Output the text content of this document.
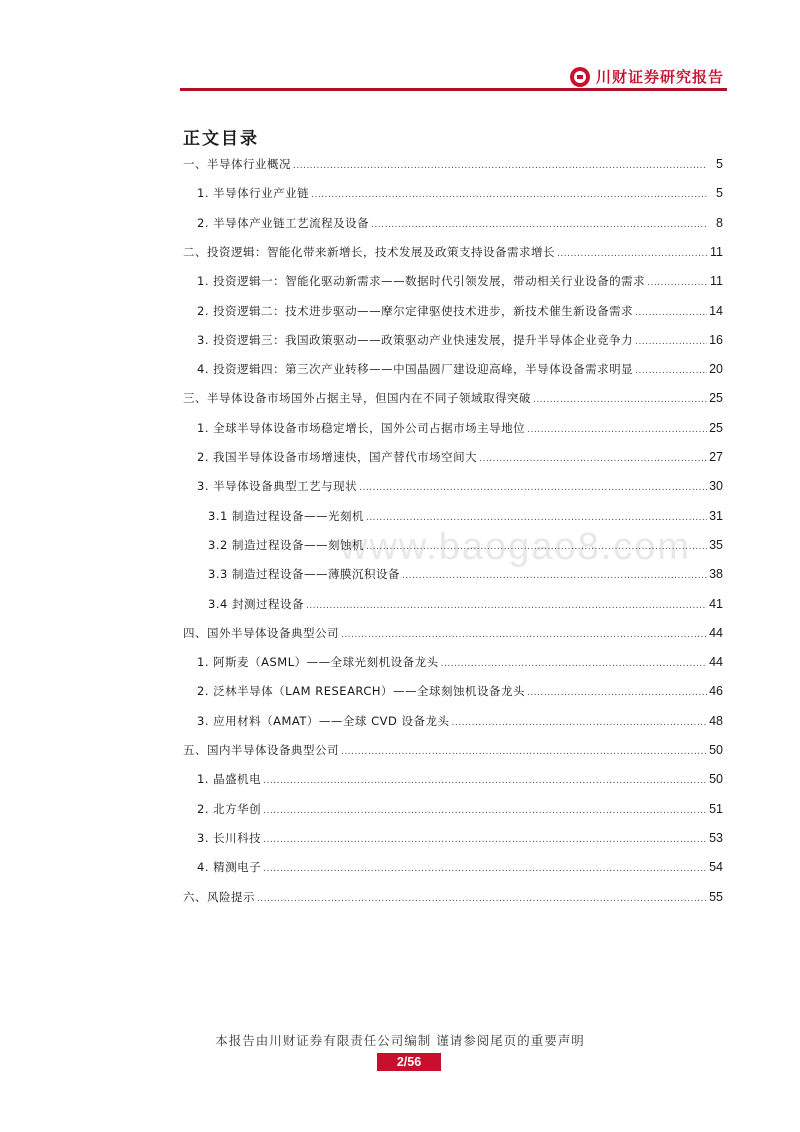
川财证券研究报告
正文目录
www.baogao8.com
一、半导体行业概况 .....	5
1. 半导体行业产业链 .....	5
2. 半导体产业链工艺流程及设备 .....	8
二、投资逻辑：智能化带来新增长，技术发展及政策支持设备需求增长 .....	11
1. 投资逻辑一：智能化驱动新需求——数据时代引领发展，带动相关行业设备的需求 .....	11
2. 投资逻辑二：技术进步驱动——摩尔定律驱使技术进步，新技术催生新设备需求 .....	14
3. 投资逻辑三：我国政策驱动——政策驱动产业快速发展，提升半导体企业竞争力 .....	16
4. 投资逻辑四：第三次产业转移——中国晶圆厂建设迎高峰，半导体设备需求明显 .....	20
三、半导体设备市场国外占据主导，但国内在不同子领域取得突破 .....	25
1. 全球半导体设备市场稳定增长，国外公司占据市场主导地位 .....	25
2. 我国半导体设备市场增速快，国产替代市场空间大 .....	27
3. 半导体设备典型工艺与现状 .....	30
3.1 制造过程设备——光刻机 .....	31
3.2 制造过程设备——刻蚀机 .....	35
3.3 制造过程设备——薄膜沉积设备 .....	38
3.4 封测过程设备 .....	41
四、国外半导体设备典型公司 .....	44
1. 阿斯麦（ASML）——全球光刻机设备龙头 .....	44
2. 泛林半导体（LAM RESEARCH）——全球刻蚀机设备龙头 .....	46
3. 应用材料（AMAT）——全球 CVD 设备龙头 .....	48
五、国内半导体设备典型公司 .....	50
1. 晶盛机电 .....	50
2. 北方华创 .....	51
3. 长川科技 .....	53
4. 精测电子 .....	54
六、风险提示 .....	55
本报告由川财证券有限责任公司编制 谨请参阅尾页的重要声明
2/56
